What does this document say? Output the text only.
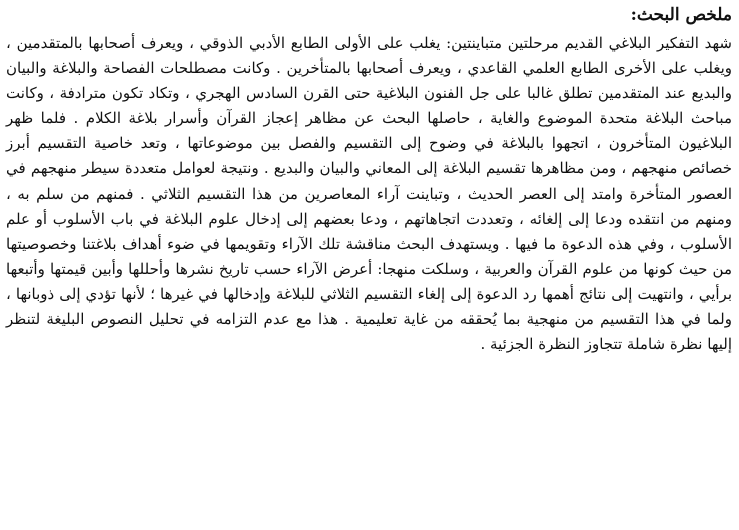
ملخص البحث:

شهد التفكير البلاغي القديم مرحلتين متباينتين: يغلب على الأولى الطابع الأدبي الذوقي ، ويعرف أصحابها بالمتقدمين ، ويغلب على الأخرى الطابع العلمي القاعدي ، ويعرف أصحابها بالمتأخرين . وكانت مصطلحات الفصاحة والبلاغة والبيان والبديع عند المتقدمين تطلق غالبا على جل الفنون البلاغية حتى القرن السادس الهجري ، وتكاد تكون مترادفة ، وكانت مباحث البلاغة متحدة الموضوع والغاية ، حاصلها البحث عن مظاهر إعجاز القرآن وأسرار بلاغة الكلام . فلما ظهر البلاغيون المتأخرون ، اتجهوا بالبلاغة في وضوح إلى التقسيم والفصل بين موضوعاتها ، وتعد خاصية التقسيم أبرز خصائص منهجهم ، ومن مظاهرها تقسيم البلاغة إلى المعاني والبيان والبديع . ونتيجة لعوامل متعددة سيطر منهجهم في العصور المتأخرة وامتد إلى العصر الحديث ، وتباينت آراء المعاصرين من هذا التقسيم الثلاثي . فمنهم من سلم به ، ومنهم من انتقده ودعا إلى إلغائه ، وتعددت اتجاهاتهم ، ودعا بعضهم إلى إدخال علوم البلاغة في باب الأسلوب أو علم الأسلوب ، وفي هذه الدعوة ما فيها . ويستهدف البحث مناقشة تلك الآراء وتقويمها في ضوء أهداف بلاغتنا وخصوصيتها من حيث كونها من علوم القرآن والعربية ، وسلكت منهجا: أعرض الآراء حسب تاريخ نشرها وأحللها وأبين قيمتها وأتبعها برأيي ، وانتهيت إلى نتائج أهمها رد الدعوة إلى إلغاء التقسيم الثلاثي للبلاغة وإدخالها في غيرها ؛ لأنها تؤدي إلى ذوبانها ، ولما في هذا التقسيم من منهجية بما يُحققه من غاية تعليمية . هذا مع عدم التزامه في تحليل النصوص البليغة لتنظر إليها نظرة شاملة تتجاوز النظرة الجزئية .
